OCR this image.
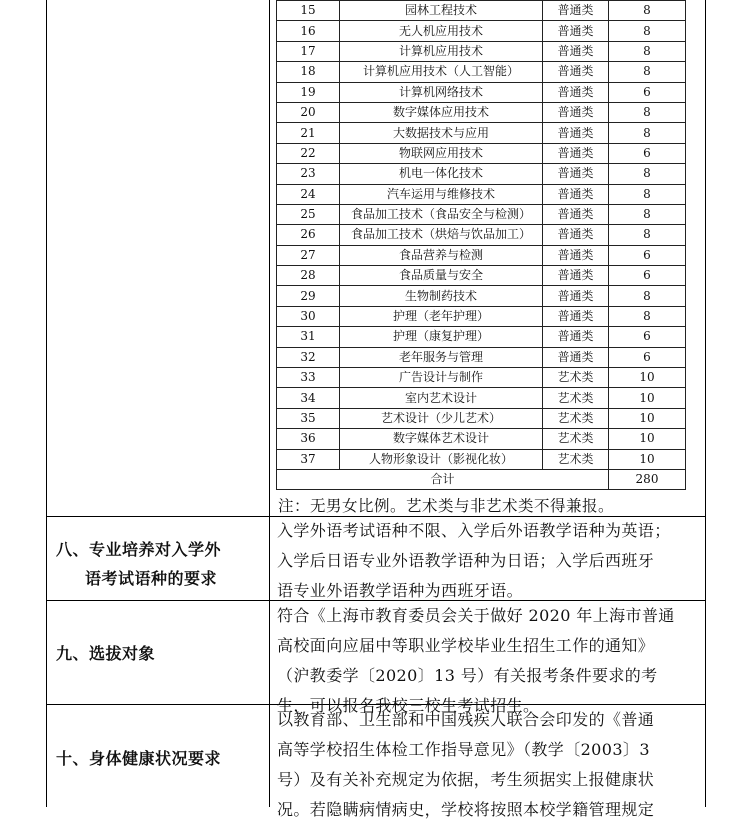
15	园林工程技术	普通类	8
16	无人机应用技术	普通类	8
17	计算机应用技术	普通类	8
18	计算机应用技术（人工智能）	普通类	8
19	计算机网络技术	普通类	6
20	数字媒体应用技术	普通类	8
21	大数据技术与应用	普通类	8
22	物联网应用技术	普通类	6
23	机电一体化技术	普通类	8
24	汽车运用与维修技术	普通类	8
25	食品加工技术（食品安全与检测）	普通类	8
26	食品加工技术（烘焙与饮品加工）	普通类	8
27	食品营养与检测	普通类	6
28	食品质量与安全	普通类	6
29	生物制药技术	普通类	8
30	护理（老年护理）	普通类	8
31	护理（康复护理）	普通类	6
32	老年服务与管理	普通类	6
33	广告设计与制作	艺术类	10
34	室内艺术设计	艺术类	10
35	艺术设计（少儿艺术）	艺术类	10
36	数字媒体艺术设计	艺术类	10
37	人物形象设计（影视化妆）	艺术类	10
合计			280
注：无男女比例。艺术类与非艺术类不得兼报。
八、专业培养对入学外
语考试语种的要求
入学外语考试语种不限、入学后外语教学语种为英语；
入学后日语专业外语教学语种为日语；入学后西班牙
语专业外语教学语种为西班牙语。
九、选拔对象
符合《上海市教育委员会关于做好 2020 年上海市普通
高校面向应届中等职业学校毕业生招生工作的通知》
（沪教委学〔2020〕13 号）有关报考条件要求的考
生，可以报名我校三校生考试招生。
十、身体健康状况要求
以教育部、卫生部和中国残疾人联合会印发的《普通
高等学校招生体检工作指导意见》（教学〔2003〕3
号）及有关补充规定为依据，考生须据实上报健康状
况。若隐瞒病情病史，学校将按照本校学籍管理规定
